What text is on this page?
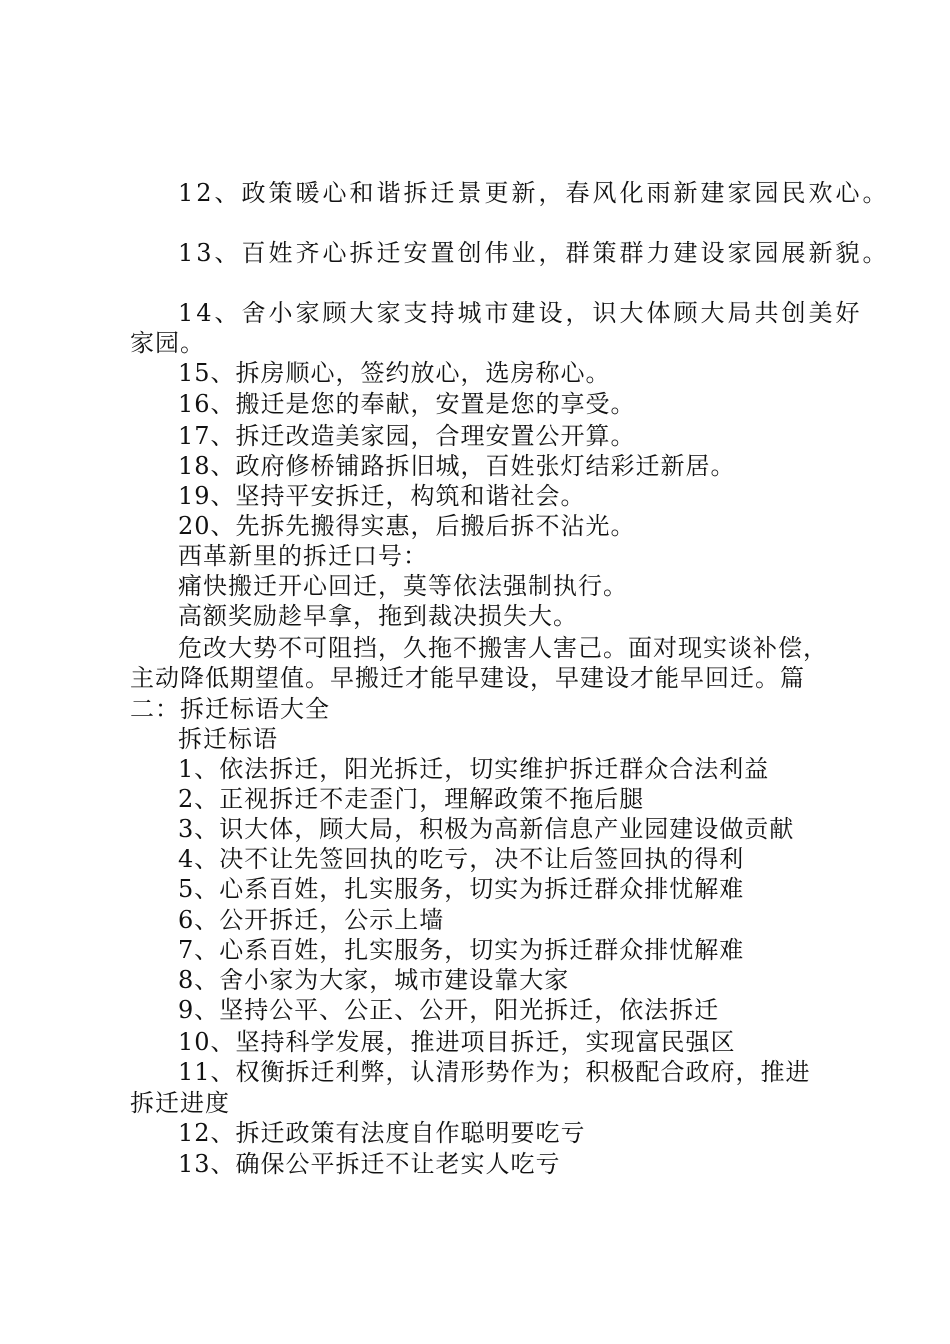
12、政策暖心和谐拆迁景更新，春风化雨新建家园民欢心。
13、百姓齐心拆迁安置创伟业，群策群力建设家园展新貌。
14、舍小家顾大家支持城市建设，识大体顾大局共创美好
家园。
15、拆房顺心，签约放心，选房称心。
16、搬迁是您的奉献，安置是您的享受。
17、拆迁改造美家园，合理安置公开算。
18、政府修桥铺路拆旧城，百姓张灯结彩迁新居。
19、坚持平安拆迁，构筑和谐社会。
20、先拆先搬得实惠，后搬后拆不沾光。
西革新里的拆迁口号：
痛快搬迁开心回迁，莫等依法强制执行。
高额奖励趁早拿，拖到裁决损失大。
危改大势不可阻挡，久拖不搬害人害己。面对现实谈补偿，
主动降低期望值。早搬迁才能早建设，早建设才能早回迁。篇
二：拆迁标语大全
拆迁标语
1、依法拆迁，阳光拆迁，切实维护拆迁群众合法利益
2、正视拆迁不走歪门，理解政策不拖后腿
3、识大体，顾大局，积极为高新信息产业园建设做贡献
4、决不让先签回执的吃亏，决不让后签回执的得利
5、心系百姓，扎实服务，切实为拆迁群众排忧解难
6、公开拆迁，公示上墙
7、心系百姓，扎实服务，切实为拆迁群众排忧解难
8、舍小家为大家，城市建设靠大家
9、坚持公平、公正、公开，阳光拆迁，依法拆迁
10、坚持科学发展，推进项目拆迁，实现富民强区
11、权衡拆迁利弊，认清形势作为；积极配合政府，推进
拆迁进度
12、拆迁政策有法度自作聪明要吃亏
13、确保公平拆迁不让老实人吃亏
